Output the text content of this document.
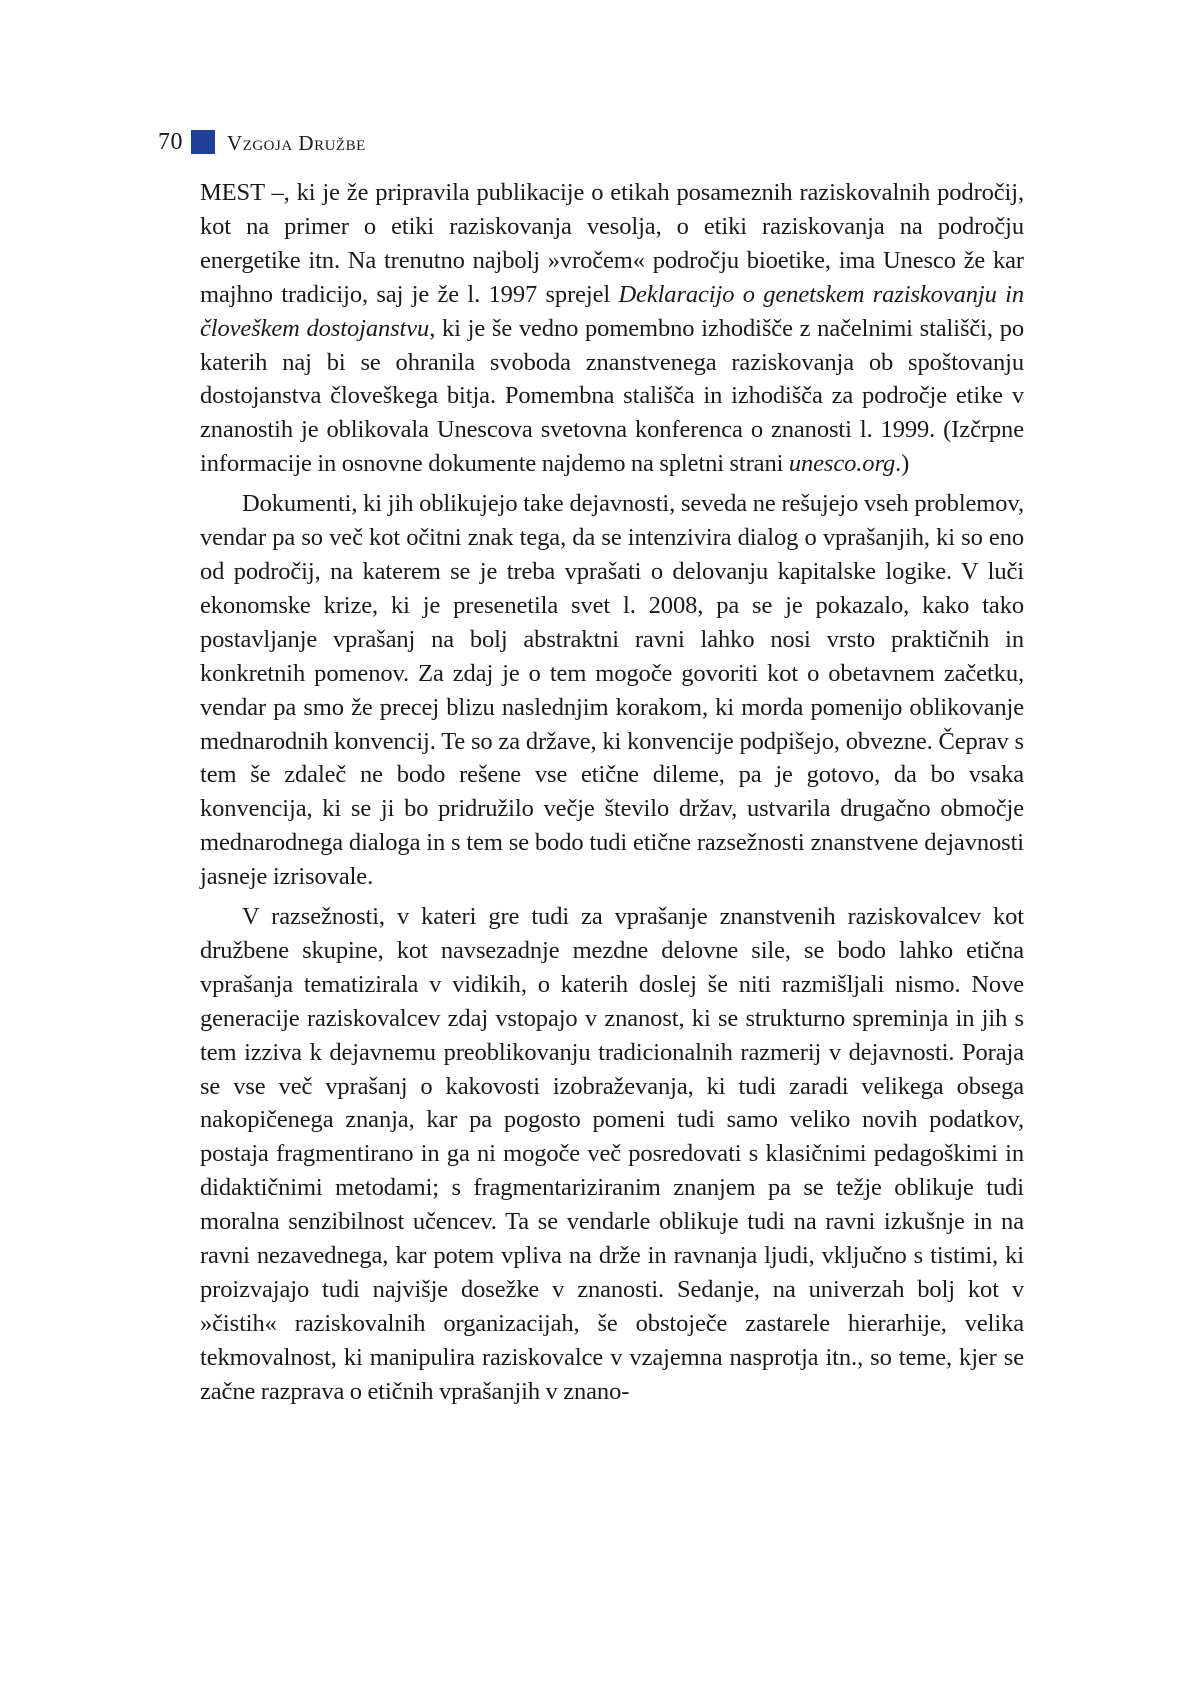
70 Vzgoja Družbe

MEST –, ki je že pripravila publikacije o etikah posameznih raziskovalnih področij, kot na primer o etiki raziskovanja vesolja, o etiki raziskovanja na področju energetike itn. Na trenutno najbolj »vročem« področju bioetike, ima Unesco že kar majhno tradicijo, saj je že l. 1997 sprejel Deklaracijo o genetskem raziskovanju in človeškem dostojanstvu, ki je še vedno pomembno izhodišče z načelnimi stališči, po katerih naj bi se ohranila svoboda znanstvenega raziskovanja ob spoštovanju dostojanstva človeškega bitja. Pomembna stališča in izhodišča za področje etike v znanostih je oblikovala Unescova svetovna konferenca o znanosti l. 1999. (Izčrpne informacije in osnovne dokumente najdemo na spletni strani unesco.org.)

Dokumenti, ki jih oblikujejo take dejavnosti, seveda ne rešujejo vseh problemov, vendar pa so več kot očitni znak tega, da se intenzivira dialog o vprašanjih, ki so eno od področij, na katerem se je treba vprašati o delovanju kapitalske logike. V luči ekonomske krize, ki je presenetila svet l. 2008, pa se je pokazalo, kako tako postavljanje vprašanj na bolj abstraktni ravni lahko nosi vrsto praktičnih in konkretnih pomenov. Za zdaj je o tem mogoče govoriti kot o obetavnem začetku, vendar pa smo že precej blizu naslednjim korakom, ki morda pomenijo oblikovanje mednarodnih konvencij. Te so za države, ki konvencije podpišejo, obvezne. Čeprav s tem še zdaleč ne bodo rešene vse etične dileme, pa je gotovo, da bo vsaka konvencija, ki se ji bo pridružilo večje število držav, ustvarila drugačno območje mednarodnega dialoga in s tem se bodo tudi etične razsežnosti znanstvene dejavnosti jasneje izrisovale.

V razsežnosti, v kateri gre tudi za vprašanje znanstvenih raziskovalcev kot družbene skupine, kot navsezadnje mezdne delovne sile, se bodo lahko etična vprašanja tematizirala v vidikih, o katerih doslej še niti razmišljali nismo. Nove generacije raziskovalcev zdaj vstopajo v znanost, ki se strukturno spreminja in jih s tem izziva k dejavnemu preoblikovanju tradicionalnih razmerij v dejavnosti. Poraja se vse več vprašanj o kakovosti izobraževanja, ki tudi zaradi velikega obsega nakopičenega znanja, kar pa pogosto pomeni tudi samo veliko novih podatkov, postaja fragmentirano in ga ni mogoče več posredovati s klasičnimi pedagoškimi in didaktičnimi metodami; s fragmentariziranim znanjem pa se težje oblikuje tudi moralna senzibilnost učencev. Ta se vendarle oblikuje tudi na ravni izkušnje in na ravni nezavednega, kar potem vpliva na drže in ravnanja ljudi, vključno s tistimi, ki proizvajajo tudi najvišje dosežke v znanosti. Sedanje, na univerzah bolj kot v »čistih« raziskovalnih organizacijah, še obstoječe zastarele hierarhije, velika tekmovalnost, ki manipulira raziskovalce v vzajemna nasprotja itn., so teme, kjer se začne razprava o etičnih vprašanjih v znano-
